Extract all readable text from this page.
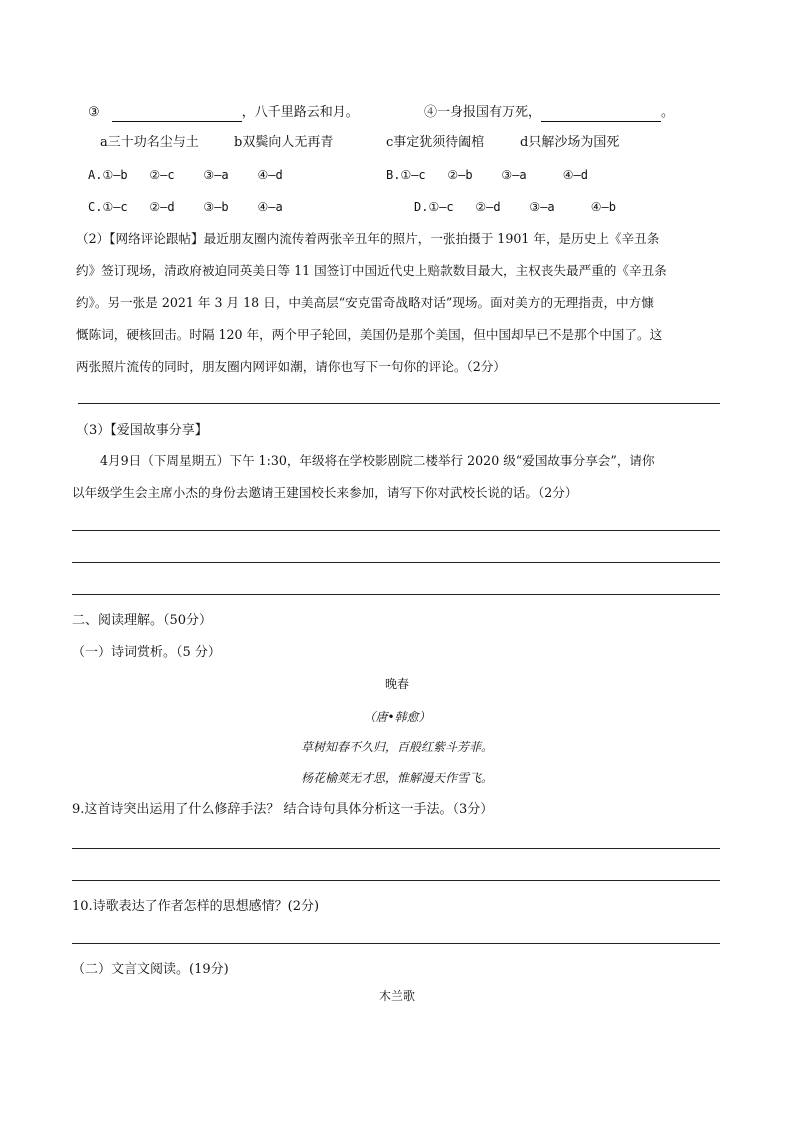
③	，八千里路云和月。	④一身报国有万死，	。
a三十功名尘与土	b双鬓向人无再青	c事定犹须待阖棺	d只解沙场为国死
A.①—b   ②—c    ③—a    ④—d	B.①—c   ②—b    ③—a     ④—d
C.①—c   ②—d    ③—b    ④—a	D.①—c   ②—d    ③—a     ④—b
（2）【网络评论跟帖】最近朋友圈内流传着两张辛丑年的照片，一张拍摄于 1901 年，是历史上《辛丑条
约》签订现场，清政府被迫同英美日等 11 国签订中国近代史上赔款数目最大，主权丧失最严重的《辛丑条
约》。另一张是 2021 年 3 月 18 日，中美高层“安克雷奇战略对话”现场。面对美方的无理指责，中方慷
慨陈词，硬核回击。时隔 120 年，两个甲子轮回，美国仍是那个美国，但中国却早已不是那个中国了。这
两张照片流传的同时，朋友圈内网评如潮，请你也写下一句你的评论。（2分）
（3）【爱国故事分享】
4月9日（下周星期五）下午 1:30，年级将在学校影剧院二楼举行 2020 级“爱国故事分享会”，请你
以年级学生会主席小杰的身份去邀请王建国校长来参加，请写下你对武校长说的话。（2分）
二、阅读理解。（50分）
（一）诗词赏析。（5 分）
晚春
（唐•韩愈）
草树知春不久归，百般红紫斗芳菲。
杨花榆荚无才思，惟解漫天作雪飞。
9.这首诗突出运用了什么修辞手法？ 结合诗句具体分析这一手法。（3分）
10.诗歌表达了作者怎样的思想感情？(2分)
（二）文言文阅读。(19分)
木兰歌
